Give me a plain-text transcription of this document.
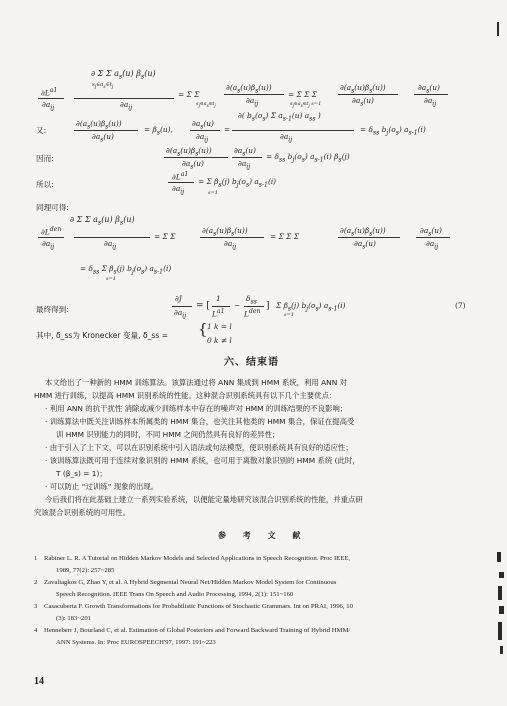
$\partial L^{a1}$
$\partial a_{ij}$
∂ Σ Σ $a_s(u)$ $\beta_s(u)$
$s_j\in a_s\in t_j$
$\partial a_{ij}$
= Σ Σ
$s_j\in a_s\in t_j$
$\partial(a_s(u)\beta_s(u))$
$\partial a_{ij}$
= Σ Σ Σ
$s_j\in a_s\in t_j$ s=1
$\partial(a_s(u)\beta_s(u))$
$\partial a_s(u)$
$\partial a_s(u)$
$\partial a_{ij}$
∂( $b_s(o_s)$ Σ $a_{s-1}(u)$ $a_{ss}$ )
又:
$\partial(a_s(u)\beta_s(u))$
$\partial a_s(u)$
= $\beta_s(u)$,
$\partial a_s(u)$
$\partial a_{ij}$
=
$\partial a_{ij}$
= $\delta_{ss}$ $b_j(o_s)$ $a_{s-1}(i)$
因而:
$\partial(a_s(u)\beta_s(u))$
$\partial a_s(u)$
$\partial a_s(u)$
$\partial a_{ij}$
= $\delta_{ss}$ $b_j(o_s)$ $a_{s-1}(i)$ $\beta_s(j)$
所以:
$\partial L^{a1}$
$\partial a_{ij}$
= Σ $\beta_s(j)$ $b_j(o_s)$ $a_{s-1}(i)$
s=1
同理可得:
∂ Σ Σ $a_s(u)$ $\beta_s(u)$
$\partial L^{den}$
$\partial a_{ij}$	$\partial a_{ij}$
= Σ Σ
$\partial(a_s(u)\beta_s(u))$
$\partial a_{ij}$
= Σ Σ Σ
$\partial(a_s(u)\beta_s(u))$
$\partial a_s(u)$
$\partial a_s(u)$
$\partial a_{ij}$
= $\delta_{ss}$ Σ $\beta_s(j)$ $b_j(o_s)$ $a_{s-1}(i)$
s=1
最终得到:
∂J
$\partial a_{ij}$
= [
1
$L^{a1}$
−
$\delta_{ss}$
$L^{den}$
] Σ $\beta_s(j)$ $b_j(o_s)$ $a_{s-1}(i)$
s=1
(7)
其中, δ_ss为 Kronecker 变量, δ_ss = { 1 k = l
0 k ≠ l
六、结束语
本文给出了一种新的 HMM 训练算法。该算法通过将 ANN 集成到 HMM 系统，利用 ANN 对
HMM 进行训练，以提高 HMM 识别系统的性能。这种混合识别系统具有以下几个主要优点：
· 利用 ANN 的抗干扰性 消除或减少训练样本中存在的噪声对 HMM 的训练结果的不良影响；
· 训练算法中既关注训练样本所属类的 HMM 集合，也关注其他类的 HMM 集合，保证在提高受
训 HMM 识别能力的同时，不同 HMM 之间仍然具有良好的差异性；
· 由于引入了上下文，可以在识别系统中引入语法或句法模型，使识别系统具有良好的适应性；
· 该训练算法既可用于连续对象识别的 HMM 系统，也可用于离散对象识别的 HMM 系统 (此时，
T (β_s) = 1)；
· 可以防止 “过训练” 现象的出现。
今后我们将在此基础上建立一系列实验系统，以便能定量地研究该混合识别系统的性能，并重点研
究该混合识别系统的可用性。
参 考 文 献
1 Rabiner L. R. A Tutorial on Hidden Markov Models and Selected Applications in Speech Recognition. Proc IEEE,
1989, 77(2): 257~285
2 Zavaliagkos G, Zhao Y, et al. A Hybrid Segmental Neural Net/Hidden Markov Model System for Continuous
Speech Recognition. IEEE Trans On Speech and Audio Processing, 1994, 2(1): 151~160
3 Casacuberta F. Growth Transformations for Probabilistic Functions of Stochastic Grammars. Int on PRAI, 1996, 10
(3): 183~201
4 Henneberr J, Bourland C, et al. Estimation of Global Posteriors and Forward Backward Training of Hybrid HMM/
ANN Systems. In: Proc EUROSPEECH'97, 1997: 191~223
14
